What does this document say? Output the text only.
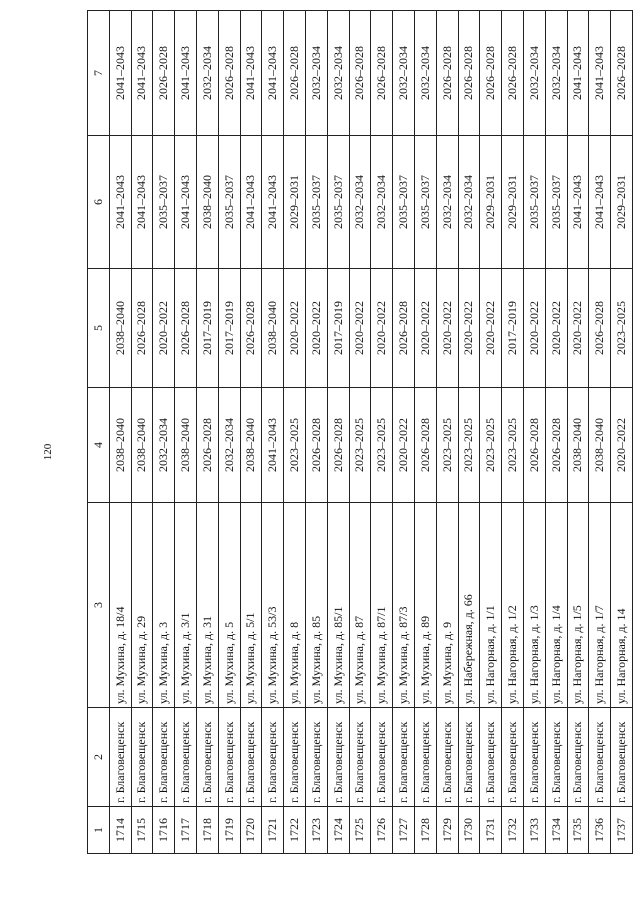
120
1	2	3	4	5	6	7
1714	г. Благовещенск	ул. Мухина, д. 18/4	2038–2040	2038–2040	2041–2043	2041–2043
1715	г. Благовещенск	ул. Мухина, д. 29	2038–2040	2026–2028	2041–2043	2041–2043
1716	г. Благовещенск	ул. Мухина, д. 3	2032–2034	2020–2022	2035–2037	2026–2028
1717	г. Благовещенск	ул. Мухина, д. 3/1	2038–2040	2026–2028	2041–2043	2041–2043
1718	г. Благовещенск	ул. Мухина, д. 31	2026–2028	2017–2019	2038–2040	2032–2034
1719	г. Благовещенск	ул. Мухина, д. 5	2032–2034	2017–2019	2035–2037	2026–2028
1720	г. Благовещенск	ул. Мухина, д. 5/1	2038–2040	2026–2028	2041–2043	2041–2043
1721	г. Благовещенск	ул. Мухина, д. 53/3	2041–2043	2038–2040	2041–2043	2041–2043
1722	г. Благовещенск	ул. Мухина, д. 8	2023–2025	2020–2022	2029–2031	2026–2028
1723	г. Благовещенск	ул. Мухина, д. 85	2026–2028	2020–2022	2035–2037	2032–2034
1724	г. Благовещенск	ул. Мухина, д. 85/1	2026–2028	2017–2019	2035–2037	2032–2034
1725	г. Благовещенск	ул. Мухина, д. 87	2023–2025	2020–2022	2032–2034	2026–2028
1726	г. Благовещенск	ул. Мухина, д. 87/1	2023–2025	2020–2022	2032–2034	2026–2028
1727	г. Благовещенск	ул. Мухина, д. 87/3	2020–2022	2026–2028	2035–2037	2032–2034
1728	г. Благовещенск	ул. Мухина, д. 89	2026–2028	2020–2022	2035–2037	2032–2034
1729	г. Благовещенск	ул. Мухина, д. 9	2023–2025	2020–2022	2032–2034	2026–2028
1730	г. Благовещенск	ул. Набережная, д. 66	2023–2025	2020–2022	2032–2034	2026–2028
1731	г. Благовещенск	ул. Нагорная, д. 1/1	2023–2025	2020–2022	2029–2031	2026–2028
1732	г. Благовещенск	ул. Нагорная, д. 1/2	2023–2025	2017–2019	2029–2031	2026–2028
1733	г. Благовещенск	ул. Нагорная, д. 1/3	2026–2028	2020–2022	2035–2037	2032–2034
1734	г. Благовещенск	ул. Нагорная, д. 1/4	2026–2028	2020–2022	2035–2037	2032–2034
1735	г. Благовещенск	ул. Нагорная, д. 1/5	2038–2040	2020–2022	2041–2043	2041–2043
1736	г. Благовещенск	ул. Нагорная, д. 1/7	2038–2040	2026–2028	2041–2043	2041–2043
1737	г. Благовещенск	ул. Нагорная, д. 14	2020–2022	2023–2025	2029–2031	2026–2028
